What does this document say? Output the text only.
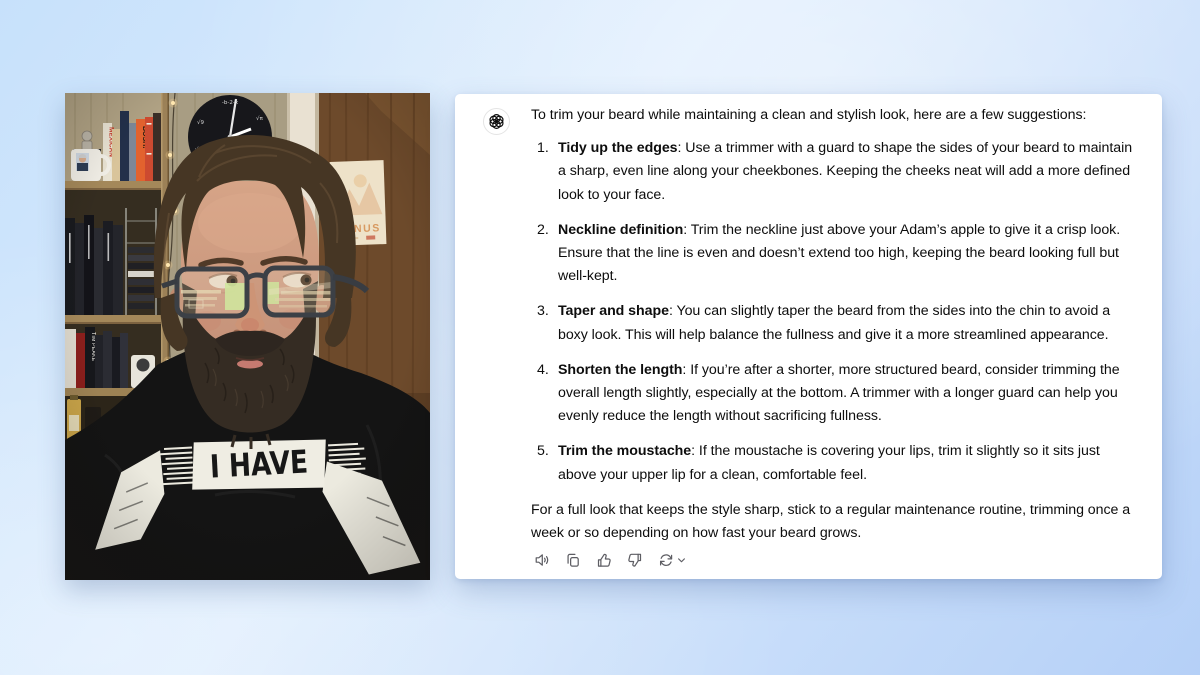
To trim your beard while maintaining a clean and stylish look, here are a few suggestions:

1. Tidy up the edges: Use a trimmer with a guard to shape the sides of your beard to maintain a sharp, even line along your cheekbones. Keeping the cheeks neat will add a more defined look to your face.
2. Neckline definition: Trim the neckline just above your Adam’s apple to give it a crisp look. Ensure that the line is even and doesn’t extend too high, keeping the beard looking full but well-kept.
3. Taper and shape: You can slightly taper the beard from the sides into the chin to avoid a boxy look. This will help balance the fullness and give it a more streamlined appearance.
4. Shorten the length: If you’re after a shorter, more structured beard, consider trimming the overall length slightly, especially at the bottom. A trimmer with a longer guard can help you evenly reduce the length without sacrificing fullness.
5. Trim the moustache: If the moustache is covering your lips, trim it slightly so it sits just above your upper lip for a clean, comfortable feel.

For a full look that keeps the style sharp, stick to a regular maintenance routine, trimming once a week or so depending on how fast your beard grows.
